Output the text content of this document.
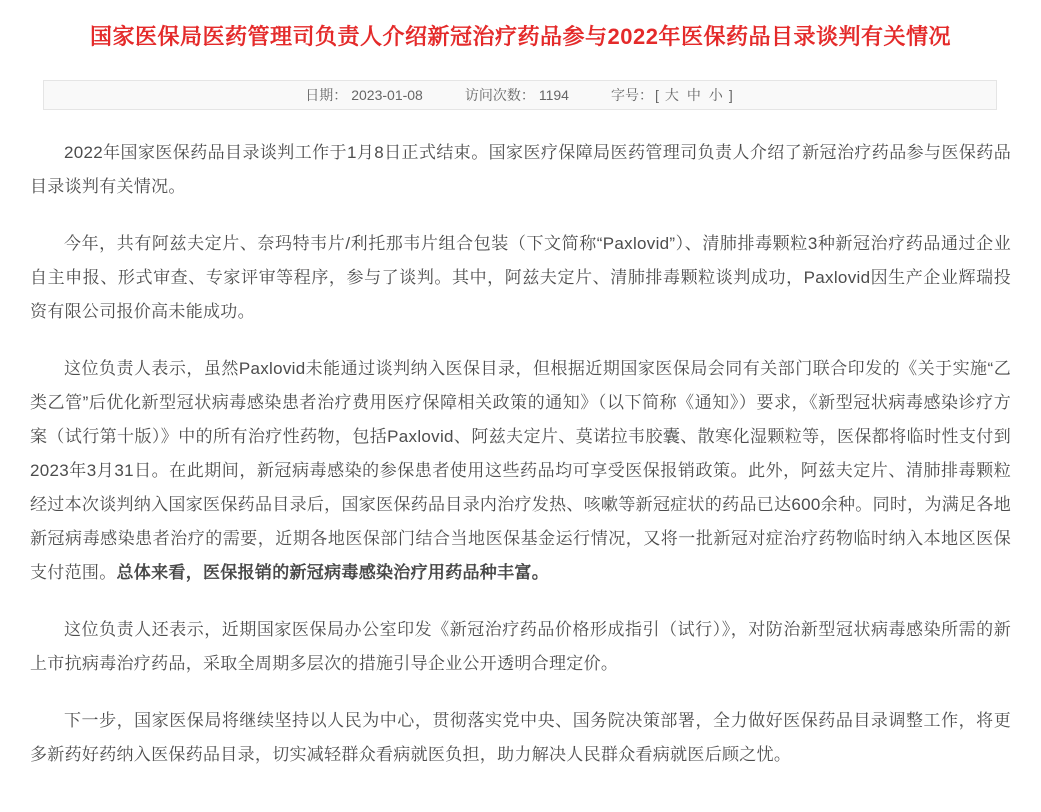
国家医保局医药管理司负责人介绍新冠治疗药品参与2022年医保药品目录谈判有关情况
日期： 2023-01-08	访问次数： 1194	字号： [ 大 中 小 ]

2022年国家医保药品目录谈判工作于1月8日正式结束。国家医疗保障局医药管理司负责人介绍了新冠治疗药品参与医保药品目录谈判有关情况。

今年，共有阿兹夫定片、奈玛特韦片/利托那韦片组合包装（下文简称“Paxlovid”）、清肺排毒颗粒3种新冠治疗药品通过企业自主申报、形式审查、专家评审等程序，参与了谈判。其中，阿兹夫定片、清肺排毒颗粒谈判成功，Paxlovid因生产企业辉瑞投资有限公司报价高未能成功。

这位负责人表示，虽然Paxlovid未能通过谈判纳入医保目录，但根据近期国家医保局会同有关部门联合印发的《关于实施“乙类乙管”后优化新型冠状病毒感染患者治疗费用医疗保障相关政策的通知》（以下简称《通知》）要求，《新型冠状病毒感染诊疗方案（试行第十版）》中的所有治疗性药物，包括Paxlovid、阿兹夫定片、莫诺拉韦胶囊、散寒化湿颗粒等，医保都将临时性支付到2023年3月31日。在此期间，新冠病毒感染的参保患者使用这些药品均可享受医保报销政策。此外，阿兹夫定片、清肺排毒颗粒经过本次谈判纳入国家医保药品目录后，国家医保药品目录内治疗发热、咳嗽等新冠症状的药品已达600余种。同时，为满足各地新冠病毒感染患者治疗的需要，近期各地医保部门结合当地医保基金运行情况，又将一批新冠对症治疗药物临时纳入本地区医保支付范围。总体来看，医保报销的新冠病毒感染治疗用药品种丰富。

这位负责人还表示，近期国家医保局办公室印发《新冠治疗药品价格形成指引（试行）》，对防治新型冠状病毒感染所需的新上市抗病毒治疗药品，采取全周期多层次的措施引导企业公开透明合理定价。

下一步，国家医保局将继续坚持以人民为中心，贯彻落实党中央、国务院决策部署，全力做好医保药品目录调整工作，将更多新药好药纳入医保药品目录，切实减轻群众看病就医负担，助力解决人民群众看病就医后顾之忧。
